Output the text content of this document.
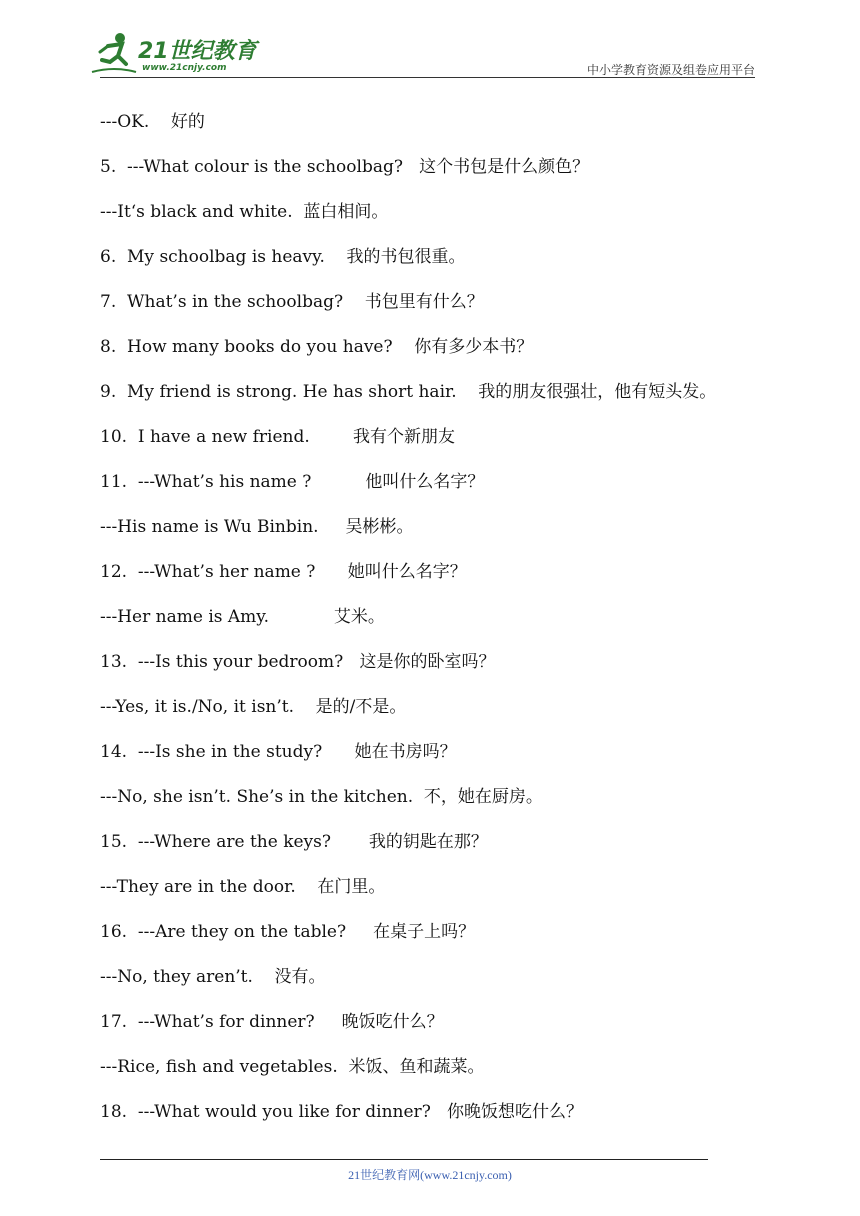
21世纪教育
www.21cnjy.com	中小学教育资源及组卷应用平台
---OK.    好的
5.  ---What colour is the schoolbag?   这个书包是什么颜色？
---It‘s black and white.  蓝白相间。
6.  My schoolbag is heavy.    我的书包很重。
7.  What’s in the schoolbag?    书包里有什么？
8.  How many books do you have?    你有多少本书？
9.  My friend is strong. He has short hair.    我的朋友很强壮，他有短头发。
10.  I have a new friend.        我有个新朋友
11.  ---What’s his name ?          他叫什么名字？
---His name is Wu Binbin.     吴彬彬。
12.  ---What’s her name ?      她叫什么名字？
---Her name is Amy.            艾米。
13.  ---Is this your bedroom?   这是你的卧室吗？
---Yes, it is./No, it isn’t.    是的/不是。
14.  ---Is she in the study?      她在书房吗？
---No, she isn’t. She’s in the kitchen.  不，她在厨房。
15.  ---Where are the keys?       我的钥匙在那？
---They are in the door.    在门里。
16.  ---Are they on the table?     在桌子上吗？
---No, they aren’t.    没有。
17.  ---What’s for dinner?     晚饭吃什么？
---Rice, fish and vegetables.  米饭、鱼和蔬菜。
18.  ---What would you like for dinner?   你晚饭想吃什么？
21世纪教育网(www.21cnjy.com)
